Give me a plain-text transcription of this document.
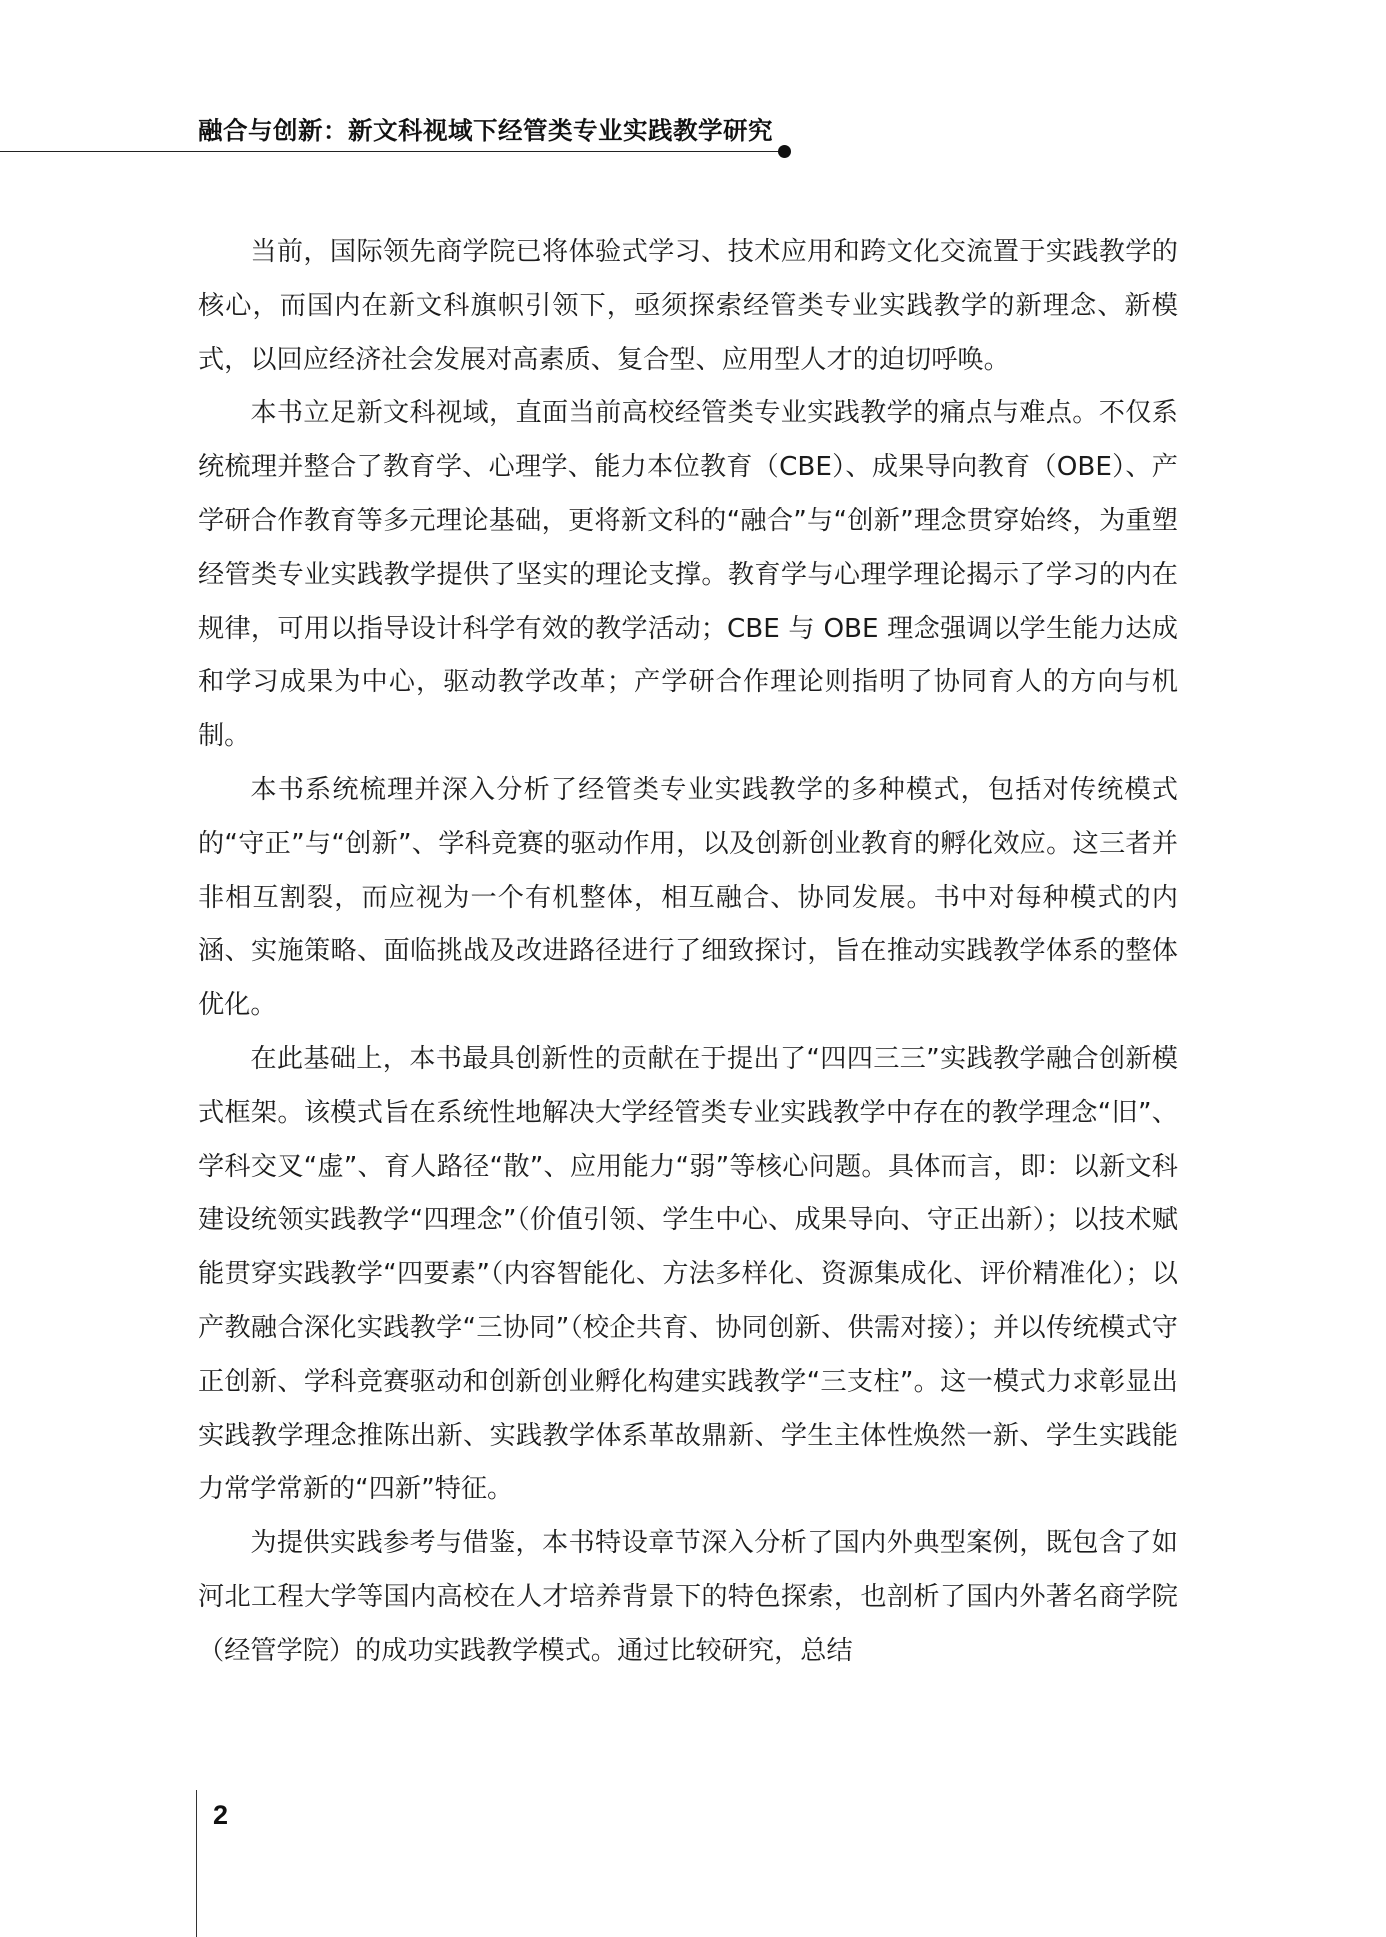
融合与创新：新文科视域下经管类专业实践教学研究

当前，国际领先商学院已将体验式学习、技术应用和跨文化交流置于实践教学的核心，而国内在新文科旗帜引领下，亟须探索经管类专业实践教学的新理念、新模式，以回应经济社会发展对高素质、复合型、应用型人才的迫切呼唤。

本书立足新文科视域，直面当前高校经管类专业实践教学的痛点与难点。不仅系统梳理并整合了教育学、心理学、能力本位教育（CBE）、成果导向教育（OBE）、产学研合作教育等多元理论基础，更将新文科的“融合”与“创新”理念贯穿始终，为重塑经管类专业实践教学提供了坚实的理论支撑。教育学与心理学理论揭示了学习的内在规律，可用以指导设计科学有效的教学活动；CBE 与 OBE 理念强调以学生能力达成和学习成果为中心，驱动教学改革；产学研合作理论则指明了协同育人的方向与机制。

本书系统梳理并深入分析了经管类专业实践教学的多种模式，包括对传统模式的“守正”与“创新”、学科竞赛的驱动作用，以及创新创业教育的孵化效应。这三者并非相互割裂，而应视为一个有机整体，相互融合、协同发展。书中对每种模式的内涵、实施策略、面临挑战及改进路径进行了细致探讨，旨在推动实践教学体系的整体优化。

在此基础上，本书最具创新性的贡献在于提出了“四四三三”实践教学融合创新模式框架。该模式旨在系统性地解决大学经管类专业实践教学中存在的教学理念“旧”、学科交叉“虚”、育人路径“散”、应用能力“弱”等核心问题。具体而言，即：以新文科建设统领实践教学“四理念”（价值引领、学生中心、成果导向、守正出新）；以技术赋能贯穿实践教学“四要素”（内容智能化、方法多样化、资源集成化、评价精准化）；以产教融合深化实践教学“三协同”（校企共育、协同创新、供需对接）；并以传统模式守正创新、学科竞赛驱动和创新创业孵化构建实践教学“三支柱”。这一模式力求彰显出实践教学理念推陈出新、实践教学体系革故鼎新、学生主体性焕然一新、学生实践能力常学常新的“四新”特征。

为提供实践参考与借鉴，本书特设章节深入分析了国内外典型案例，既包含了如河北工程大学等国内高校在人才培养背景下的特色探索，也剖析了国内外著名商学院（经管学院）的成功实践教学模式。通过比较研究，总结

2
